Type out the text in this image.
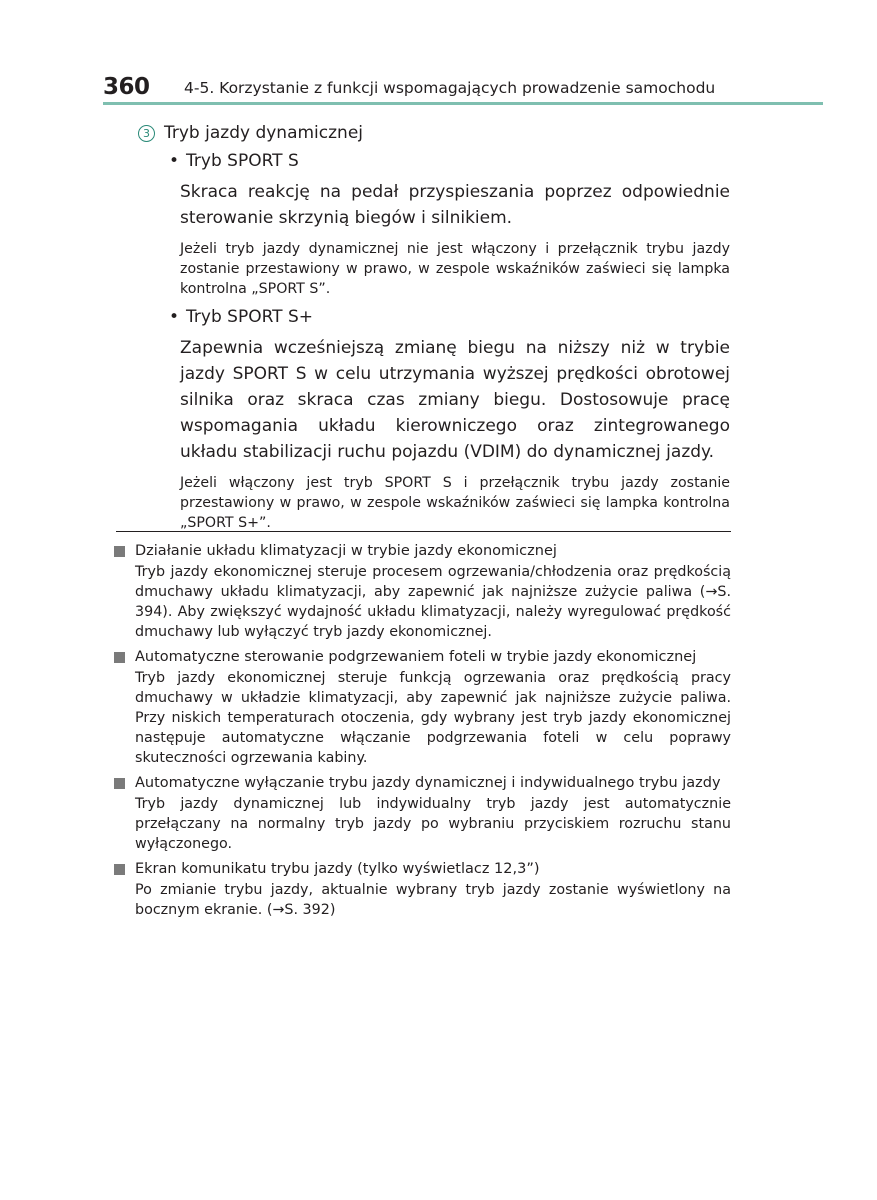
360 4-5. Korzystanie z funkcji wspomagających prowadzenie samochodu
3 Tryb jazdy dynamicznej
• Tryb SPORT S
Skraca reakcję na pedał przyspieszania poprzez odpowiednie sterowanie skrzynią biegów i silnikiem.
Jeżeli tryb jazdy dynamicznej nie jest włączony i przełącznik trybu jazdy zostanie przestawiony w prawo, w zespole wskaźników zaświeci się lampka kontrolna „SPORT S”.
• Tryb SPORT S+
Zapewnia wcześniejszą zmianę biegu na niższy niż w trybie jazdy SPORT S w celu utrzymania wyższej prędkości obrotowej silnika oraz skraca czas zmiany biegu. Dostosowuje pracę wspomagania układu kierowniczego oraz zintegrowanego układu stabilizacji ruchu pojazdu (VDIM) do dynamicznej jazdy.
Jeżeli włączony jest tryb SPORT S i przełącznik trybu jazdy zostanie przestawiony w prawo, w zespole wskaźników zaświeci się lampka kontrolna „SPORT S+”.
Działanie układu klimatyzacji w trybie jazdy ekonomicznej
Tryb jazdy ekonomicznej steruje procesem ogrzewania/chłodzenia oraz prędkością dmuchawy układu klimatyzacji, aby zapewnić jak najniższe zużycie paliwa (→S. 394). Aby zwiększyć wydajność układu klimatyzacji, należy wyregulować prędkość dmuchawy lub wyłączyć tryb jazdy ekonomicznej.
Automatyczne sterowanie podgrzewaniem foteli w trybie jazdy ekonomicznej
Tryb jazdy ekonomicznej steruje funkcją ogrzewania oraz prędkością pracy dmuchawy w układzie klimatyzacji, aby zapewnić jak najniższe zużycie paliwa. Przy niskich temperaturach otoczenia, gdy wybrany jest tryb jazdy ekonomicznej następuje automatyczne włączanie podgrzewania foteli w celu poprawy skuteczności ogrzewania kabiny.
Automatyczne wyłączanie trybu jazdy dynamicznej i indywidualnego trybu jazdy
Tryb jazdy dynamicznej lub indywidualny tryb jazdy jest automatycznie przełączany na normalny tryb jazdy po wybraniu przyciskiem rozruchu stanu wyłączonego.
Ekran komunikatu trybu jazdy (tylko wyświetlacz 12,3”)
Po zmianie trybu jazdy, aktualnie wybrany tryb jazdy zostanie wyświetlony na bocznym ekranie. (→S. 392)
